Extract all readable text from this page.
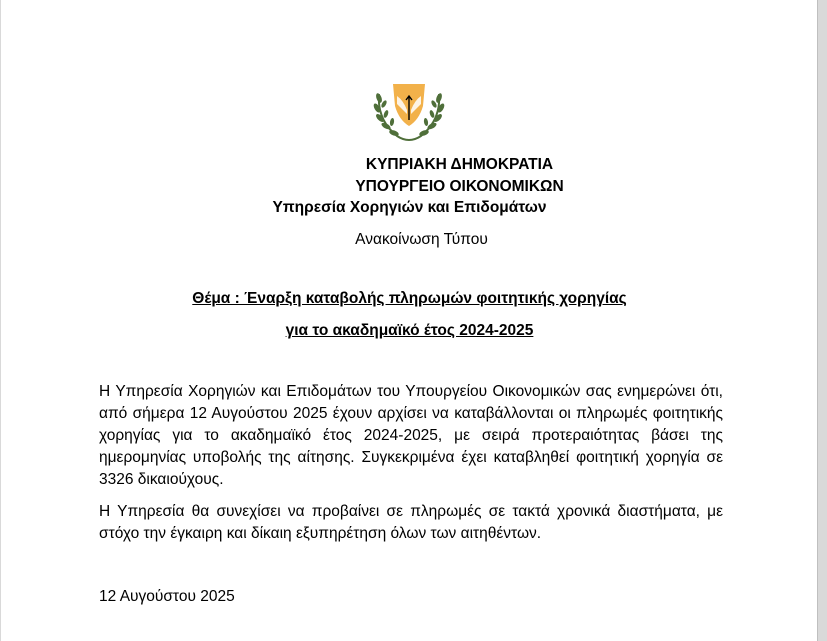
ΚΥΠΡΙΑΚΗ ΔΗΜΟΚΡΑΤΙΑ
ΥΠΟΥΡΓΕΙΟ ΟΙΚΟΝΟΜΙΚΩΝ
Υπηρεσία Χορηγιών και Επιδομάτων
Ανακοίνωση Τύπου
Θέμα : Έναρξη καταβολής πληρωμών φοιτητικής χορηγίας
για το ακαδημαϊκό έτος 2024-2025
Η Υπηρεσία Χορηγιών και Επιδομάτων του Υπουργείου Οικονομικών σας ενημερώνει ότι, από σήμερα 12 Αυγούστου 2025 έχουν αρχίσει να καταβάλλονται οι πληρωμές φοιτητικής χορηγίας για το ακαδημαϊκό έτος 2024-2025, με σειρά προτεραιότητας βάσει της ημερομηνίας υποβολής της αίτησης. Συγκεκριμένα έχει καταβληθεί φοιτητική χορηγία σε 3326 δικαιούχους.
Η Υπηρεσία θα συνεχίσει να προβαίνει σε πληρωμές σε τακτά χρονικά διαστήματα, με στόχο την έγκαιρη και δίκαιη εξυπηρέτηση όλων των αιτηθέντων.
12 Αυγούστου 2025
